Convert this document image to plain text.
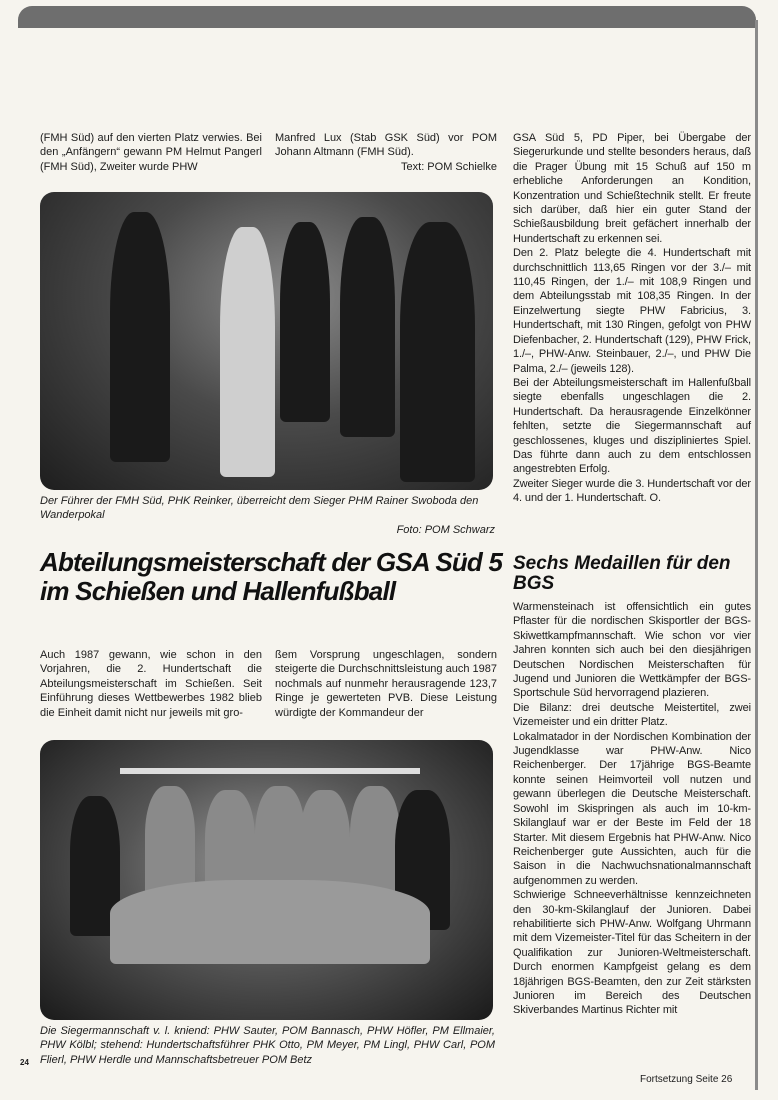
(FMH Süd) auf den vierten Platz verwies. Bei den „Anfängern“ gewann PM Helmut Pangerl (FMH Süd), Zweiter wurde PHW

Manfred Lux (Stab GSK Süd) vor POM Johann Altmann (FMH Süd).

Text: POM Schielke

Der Führer der FMH Süd, PHK Reinker, überreicht dem Sieger PHM Rainer Swoboda den Wanderpokal
Foto: POM Schwarz
Abteilungsmeisterschaft der GSA Süd 5 im Schießen und Hallenfußball
Auch 1987 gewann, wie schon in den Vorjahren, die 2. Hundertschaft die Abteilungsmeisterschaft im Schießen. Seit Einführung dieses Wettbewerbes 1982 blieb die Einheit damit nicht nur jeweils mit gro-
ßem Vorsprung ungeschlagen, sondern steigerte die Durchschnittsleistung auch 1987 nochmals auf nunmehr herausragende 123,7 Ringe je gewerteten PVB. Diese Leistung würdigte der Kommandeur der

GSA Süd 5, PD Piper, bei Übergabe der Siegerurkunde und stellte besonders heraus, daß die Prager Übung mit 15 Schuß auf 150 m erhebliche Anforderungen an Kondition, Konzentration und Schießtechnik stellt. Er freute sich darüber, daß hier ein guter Stand der Schießausbildung breit gefächert innerhalb der Hundertschaft zu erkennen sei.

Den 2. Platz belegte die 4. Hundertschaft mit durchschnittlich 113,65 Ringen vor der 3./– mit 110,45 Ringen, der 1./– mit 108,9 Ringen und dem Abteilungsstab mit 108,35 Ringen. In der Einzelwertung siegte PHW Fabricius, 3. Hundertschaft, mit 130 Ringen, gefolgt von PHW Diefenbacher, 2. Hundertschaft (129), PHW Frick, 1./–, PHW-Anw. Steinbauer, 2./–, und PHW Die Palma, 2./– (jeweils 128).

Bei der Abteilungsmeisterschaft im Hallenfußball siegte ebenfalls ungeschlagen die 2. Hundertschaft. Da herausragende Einzelkönner fehlten, setzte die Siegermannschaft auf geschlossenes, kluges und diszipliniertes Spiel. Das führte dann auch zu dem entschlossen angestrebten Erfolg.

Zweiter Sieger wurde die 3. Hundertschaft vor der 4. und der 1. Hundertschaft. O.

Die Siegermannschaft v. l. kniend: PHW Sauter, POM Bannasch, PHW Höfler, PM Ellmaier, PHW Kölbl; stehend: Hundertschaftsführer PHK Otto, PM Meyer, PM Lingl, PHW Carl, POM Flierl, PHW Herdle und Mannschaftsbetreuer POM Betz
Sechs Medaillen für den BGS

Warmensteinach ist offensichtlich ein gutes Pflaster für die nordischen Skisportler der BGS-Skiwettkampfmannschaft. Wie schon vor vier Jahren konnten sich auch bei den diesjährigen Deutschen Nordischen Meisterschaften für Jugend und Junioren die Wettkämpfer der BGS-Sportschule Süd hervorragend plazieren.

Die Bilanz: drei deutsche Meistertitel, zwei Vizemeister und ein dritter Platz.

Lokalmatador in der Nordischen Kombination der Jugendklasse war PHW-Anw. Nico Reichenberger. Der 17jährige BGS-Beamte konnte seinen Heimvorteil voll nutzen und gewann überlegen die Deutsche Meisterschaft. Sowohl im Skispringen als auch im 10-km-Skilanglauf war er der Beste im Feld der 18 Starter. Mit diesem Ergebnis hat PHW-Anw. Nico Reichenberger gute Aussichten, auch für die Saison in die Nachwuchsnationalmannschaft aufgenommen zu werden.

Schwierige Schneeverhältnisse kennzeichneten den 30-km-Skilanglauf der Junioren. Dabei rehabilitierte sich PHW-Anw. Wolfgang Uhrmann mit dem Vizemeister-Titel für das Scheitern in der Qualifikation zur Junioren-Weltmeisterschaft. Durch enormen Kampfgeist gelang es dem 18jährigen BGS-Beamten, den zur Zeit stärksten Junioren im Bereich des Deutschen Skiverbandes Martinus Richter mit

24
Fortsetzung Seite 26
